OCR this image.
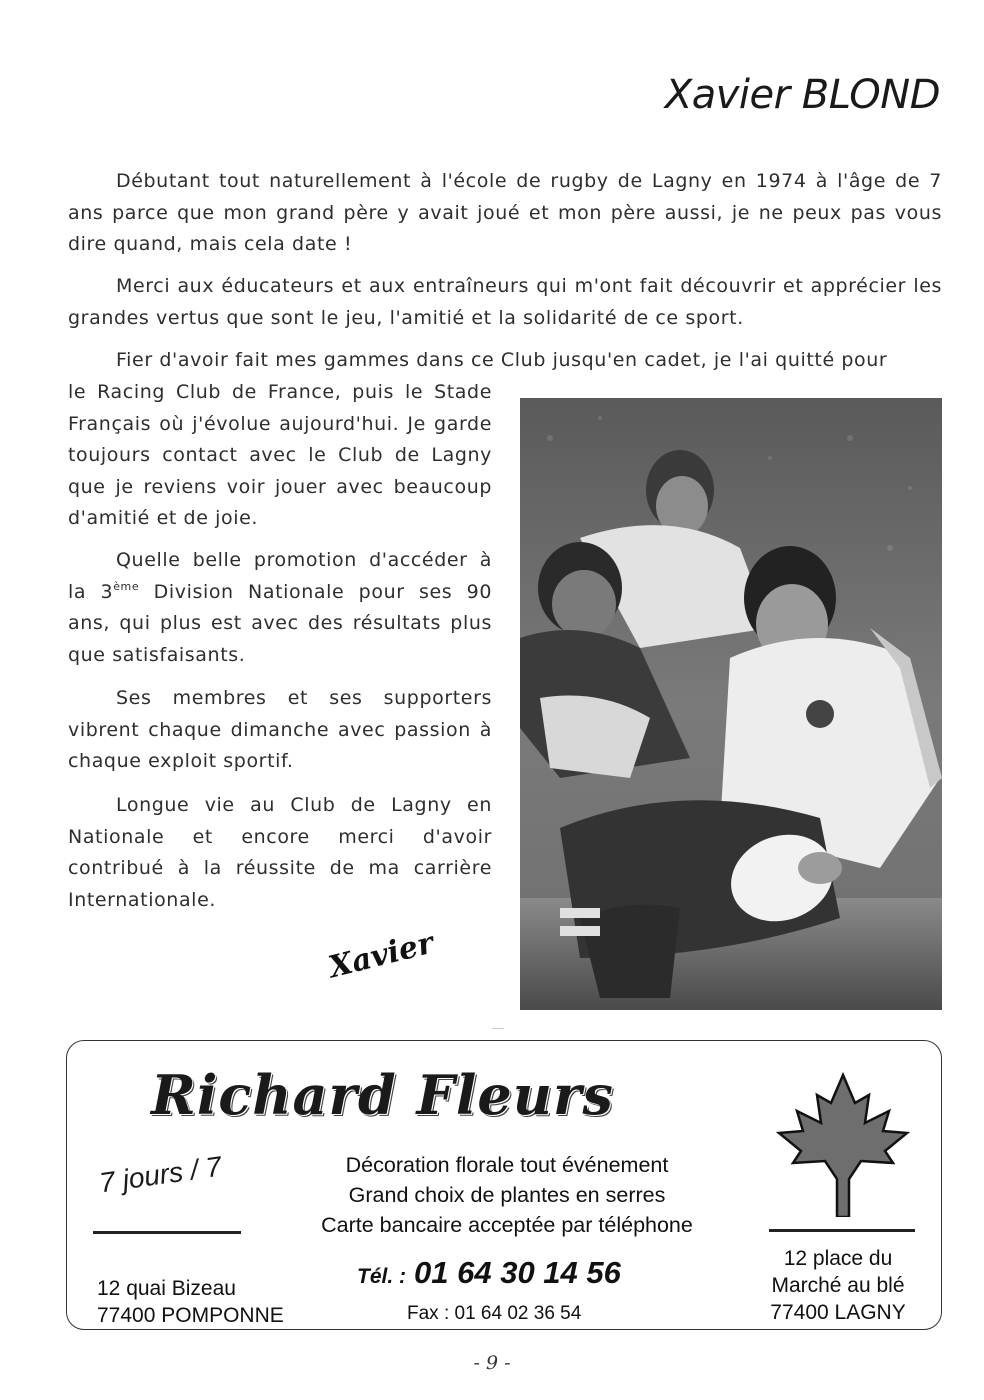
Xavier BLOND

Débutant tout naturellement à l'école de rugby de Lagny en 1974 à l'âge de 7 ans parce que mon grand père y avait joué et mon père aussi, je ne peux pas vous dire quand, mais cela date !

Merci aux éducateurs et aux entraîneurs qui m'ont fait découvrir et apprécier les grandes vertus que sont le jeu, l'amitié et la solidarité de ce sport.

Fier d'avoir fait mes gammes dans ce Club jusqu'en cadet, je l'ai quitté pour

le Racing Club de France, puis le Stade Français où j'évolue aujourd'hui. Je garde toujours contact avec le Club de Lagny que je reviens voir jouer avec beaucoup d'amitié et de joie.

Quelle belle promotion d'accéder à la 3ème Division Nationale pour ses 90 ans, qui plus est avec des résultats plus que satisfaisants.

Ses membres et ses supporters vibrent chaque dimanche avec passion à chaque exploit sportif.

Longue vie au Club de Lagny en Nationale et encore merci d'avoir contribué à la réussite de ma carrière Internationale.

Xavier
Richard Fleurs
7 jours / 7	Décoration florale tout événement
Grand choix de plantes en serres
Carte bancaire acceptée par téléphone
12 quai Bizeau
77400 POMPONNE
Tél. : 01 64 30 14 56
Fax : 01 64 02 36 54
12 place du
Marché au blé
77400 LAGNY
- 9 -
